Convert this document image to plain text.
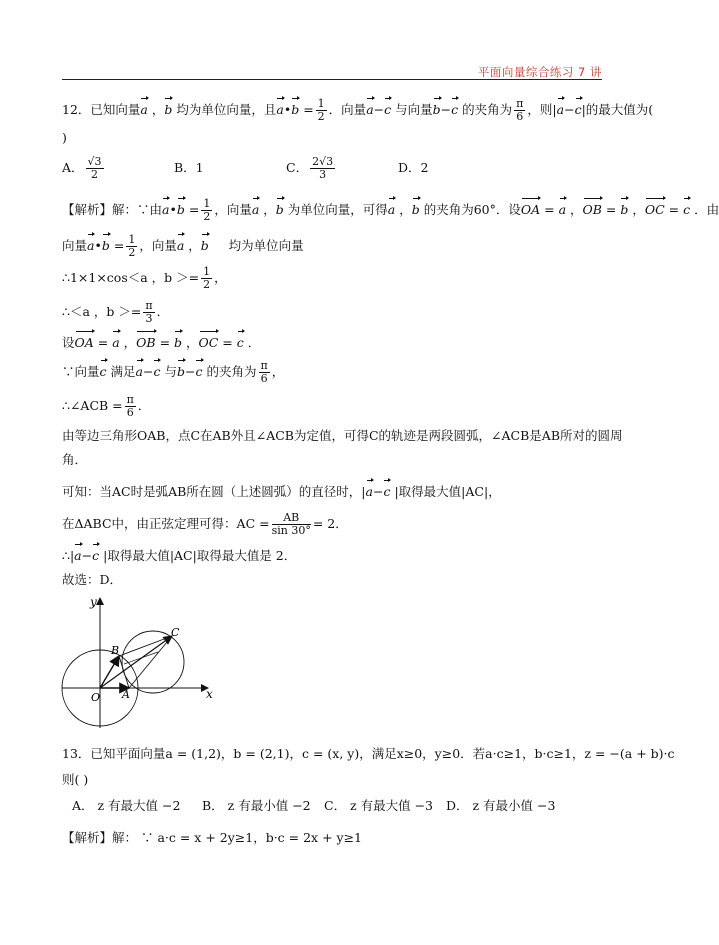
平面向量综合练习 7 讲
12．已知向量a ，b 均为单位向量，且a•b = $\frac{1}{2}$ ．向量a−c 与向量b−c 的夹角为 $\frac{\pi}{6}$ ，则|a−c|的最大值为(
)
A． $\frac{√3}{2}$	B．1	C． $\frac{2√3}{3}$	D．2
【解析】解：∵由a•b = $\frac{1}{2}$ ，向量a ，b 为单位向量，可得a ，b 的夹角为60°．设OA = a ，OB = b ，OC = c ．由
向量a•b = $\frac{1}{2}$ ，向量a ，b 均为单位向量
∴1×1×cos＜a ，$b >= \frac{1}{2}$ ，
∴＜a ，$b >= \frac{\pi}{3}$ ．
设OA = a ，OB = b ，OC = c ．
∵向量c 满足a−c 与b−c 的夹角为 $\frac{\pi}{6}$ ，
∴∠ACB = $\frac{\pi}{6}$ ．
由等边三角形OAB，点C在AB外且∠ACB为定值，可得C的轨迹是两段圆弧，∠ACB是AB所对的圆周
角．
可知：当AC时是弧AB所在圆（上述圆弧）的直径时，|a−c |取得最大值|AC|，
在ΔABC中，由正弦定理可得：AC = $\frac{AB}{\sin 30^\circ} = 2$．
∴|a−c |取得最大值|AC|取得最大值是 2．
故选：D．
y
x
O A
B
C
13．已知平面向量a = (1,2)，b = (2,1)，c = (x, y)，满足x≥0，y≥0．若a·c≥1，b·c≥1，z = −(a + b)·c
则( )
A． z 有最大值 −2 B． z 有最小值 −2 C． z 有最大值 −3 D． z 有最小值 −3
【解析】解： ∵ a·c = x + 2y≥1，b·c = 2x + y≥1
